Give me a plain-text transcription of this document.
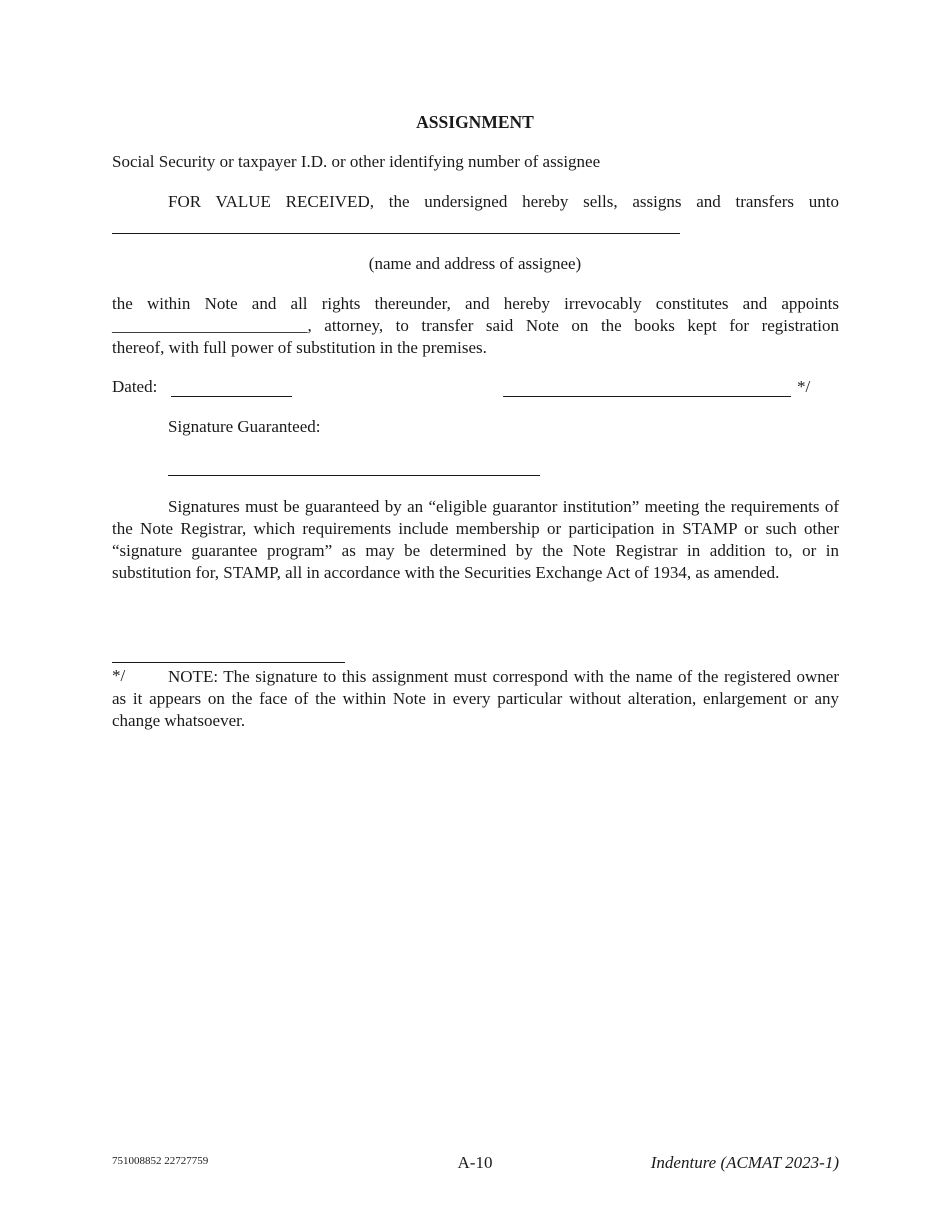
ASSIGNMENT
Social Security or taxpayer I.D. or other identifying number of assignee
FOR VALUE RECEIVED, the undersigned hereby sells, assigns and transfers unto
(name and address of assignee)
the within Note and all rights thereunder, and hereby irrevocably constitutes and appoints
_______________________ , attorney, to transfer said Note on the books kept for registration
thereof, with full power of substitution in the premises.
Dated:	*/
Signature Guaranteed:
Signatures must be guaranteed by an “eligible guarantor institution” meeting the requirements of the Note Registrar, which requirements include membership or participation in STAMP or such other “signature guarantee program” as may be determined by the Note Registrar in addition to, or in substitution for, STAMP, all in accordance with the Securities Exchange Act of 1934, as amended.
*/	NOTE: The signature to this assignment must correspond with the name of the registered owner as it appears on the face of the within Note in every particular without alteration, enlargement or any change whatsoever.
751008852 22727759	A-10	Indenture (ACMAT 2023-1)
